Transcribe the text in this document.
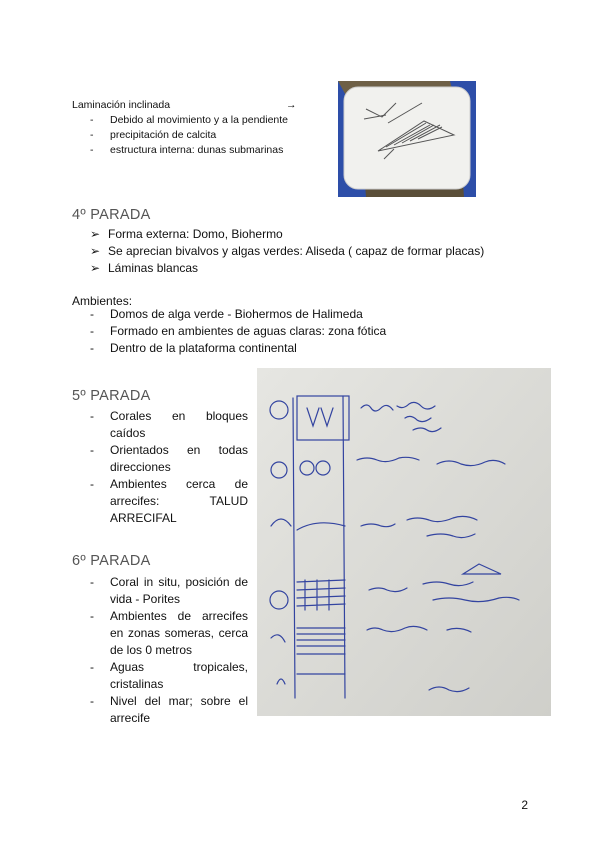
Laminación inclinada	→
- Debido al movimiento y a la pendiente
- precipitación de calcita
- estructura interna: dunas submarinas
4º PARADA
➢ Forma externa: Domo, Biohermo
➢ Se aprecian bivalvos y algas verdes: Aliseda ( capaz de formar placas)
➢ Láminas blancas
Ambientes:
- Domos de alga verde - Biohermos de Halimeda
- Formado en ambientes de aguas claras: zona fótica
- Dentro de la plataforma continental
5º PARADA
- Corales en bloques caídos
- Orientados en todas direcciones
- Ambientes cerca de arrecifes: TALUD ARRECIFAL
6º PARADA
- Coral in situ, posición de vida - Porites
- Ambientes de arrecifes en zonas someras, cerca de los 0 metros
- Aguas tropicales, cristalinas
- Nivel del mar; sobre el arrecife
2
